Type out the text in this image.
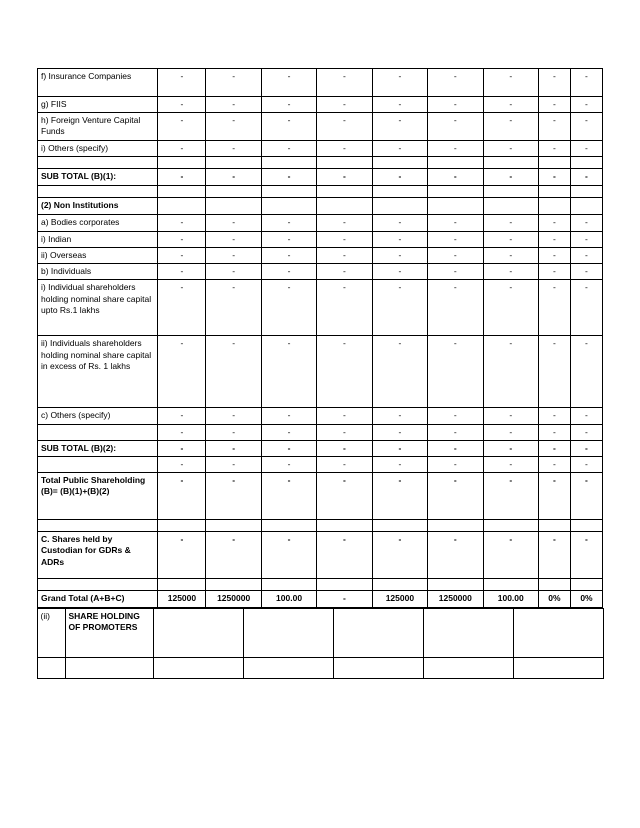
f) Insurance Companies	-	-	-	-	-	-	-	-	-
g) FIIS	-	-	-	-	-	-	-	-	-
h) Foreign Venture Capital Funds	-	-	-	-	-	-	-	-	-
i) Others (specify)	-	-	-	-	-	-	-	-	-

SUB TOTAL (B)(1):	-	-	-	-	-	-	-	-	-

(2) Non Institutions									
a) Bodies corporates	-	-	-	-	-	-	-	-	-
i) Indian	-	-	-	-	-	-	-	-	-
ii) Overseas	-	-	-	-	-	-	-	-	-
b) Individuals	-	-	-	-	-	-	-	-	-
i) Individual shareholders holding nominal share capital upto Rs.1 lakhs	-	-	-	-	-	-	-	-	-
ii) Individuals shareholders holding nominal share capital in excess of Rs. 1 lakhs	-	-	-	-	-	-	-	-	-
c) Others (specify)	-	-	-	-	-	-	-	-	-
	-	-	-	-	-	-	-	-	-
SUB TOTAL (B)(2):	-	-	-	-	-	-	-	-	-
	-	-	-	-	-	-	-	-	-
Total Public Shareholding (B)= (B)(1)+(B)(2)	-	-	-	-	-	-	-	-	-

C. Shares held by Custodian for GDRs & ADRs	-	-	-	-	-	-	-	-	-

Grand Total (A+B+C)	125000	1250000	100.00	-	125000	1250000	100.00	0%	0%
(ii)	SHARE HOLDING OF PROMOTERS					
